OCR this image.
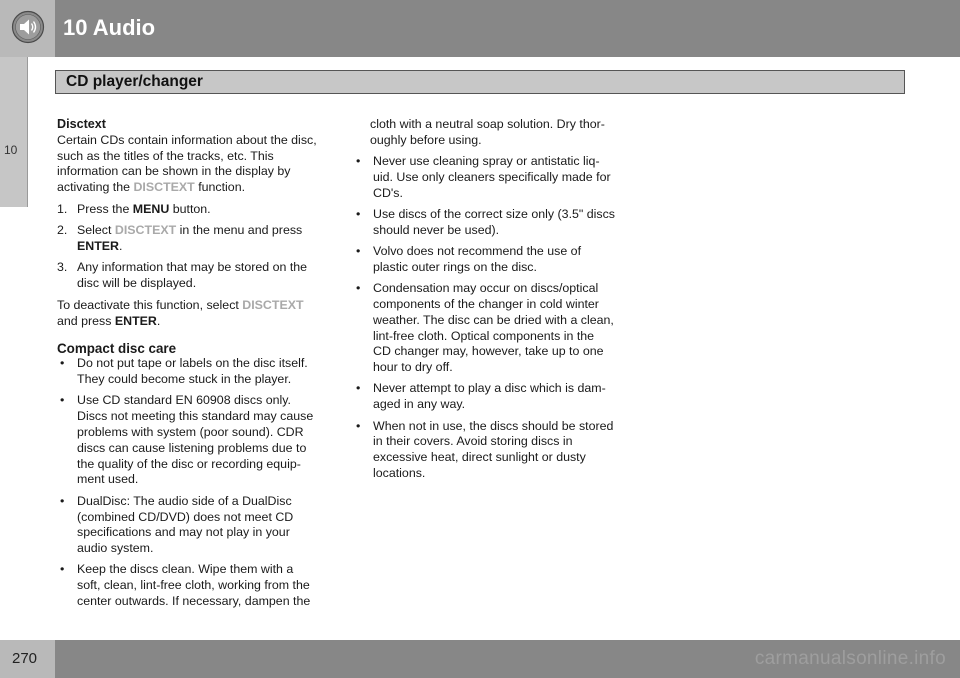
10 Audio
CD player/changer
10

Disctext

Certain CDs contain information about the disc, such as the titles of the tracks, etc. This information can be shown in the display by activating the DISCTEXT function.

1. Press the MENU button.

2. Select DISCTEXT in the menu and press ENTER.

3. Any information that may be stored on the disc will be displayed.

To deactivate this function, select DISCTEXT and press ENTER.

Compact disc care

• Do not put tape or labels on the disc itself. They could become stuck in the player.

• Use CD standard EN 60908 discs only. Discs not meeting this standard may cause problems with system (poor sound). CDR discs can cause listening problems due to the quality of the disc or recording equip-ment used.

• DualDisc: The audio side of a DualDisc (combined CD/DVD) does not meet CD specifications and may not play in your audio system.

• Keep the discs clean. Wipe them with a soft, clean, lint-free cloth, working from the center outwards. If necessary, dampen the

cloth with a neutral soap solution. Dry thor-oughly before using.

• Never use cleaning spray or antistatic liq-uid. Use only cleaners specifically made for CD's.

• Use discs of the correct size only (3.5" discs should never be used).

• Volvo does not recommend the use of plastic outer rings on the disc.

• Condensation may occur on discs/optical components of the changer in cold winter weather. The disc can be dried with a clean, lint-free cloth. Optical components in the CD changer may, however, take up to one hour to dry off.

• Never attempt to play a disc which is dam-aged in any way.

• When not in use, the discs should be stored in their covers. Avoid storing discs in excessive heat, direct sunlight or dusty locations.

270	carmanualsonline.info
